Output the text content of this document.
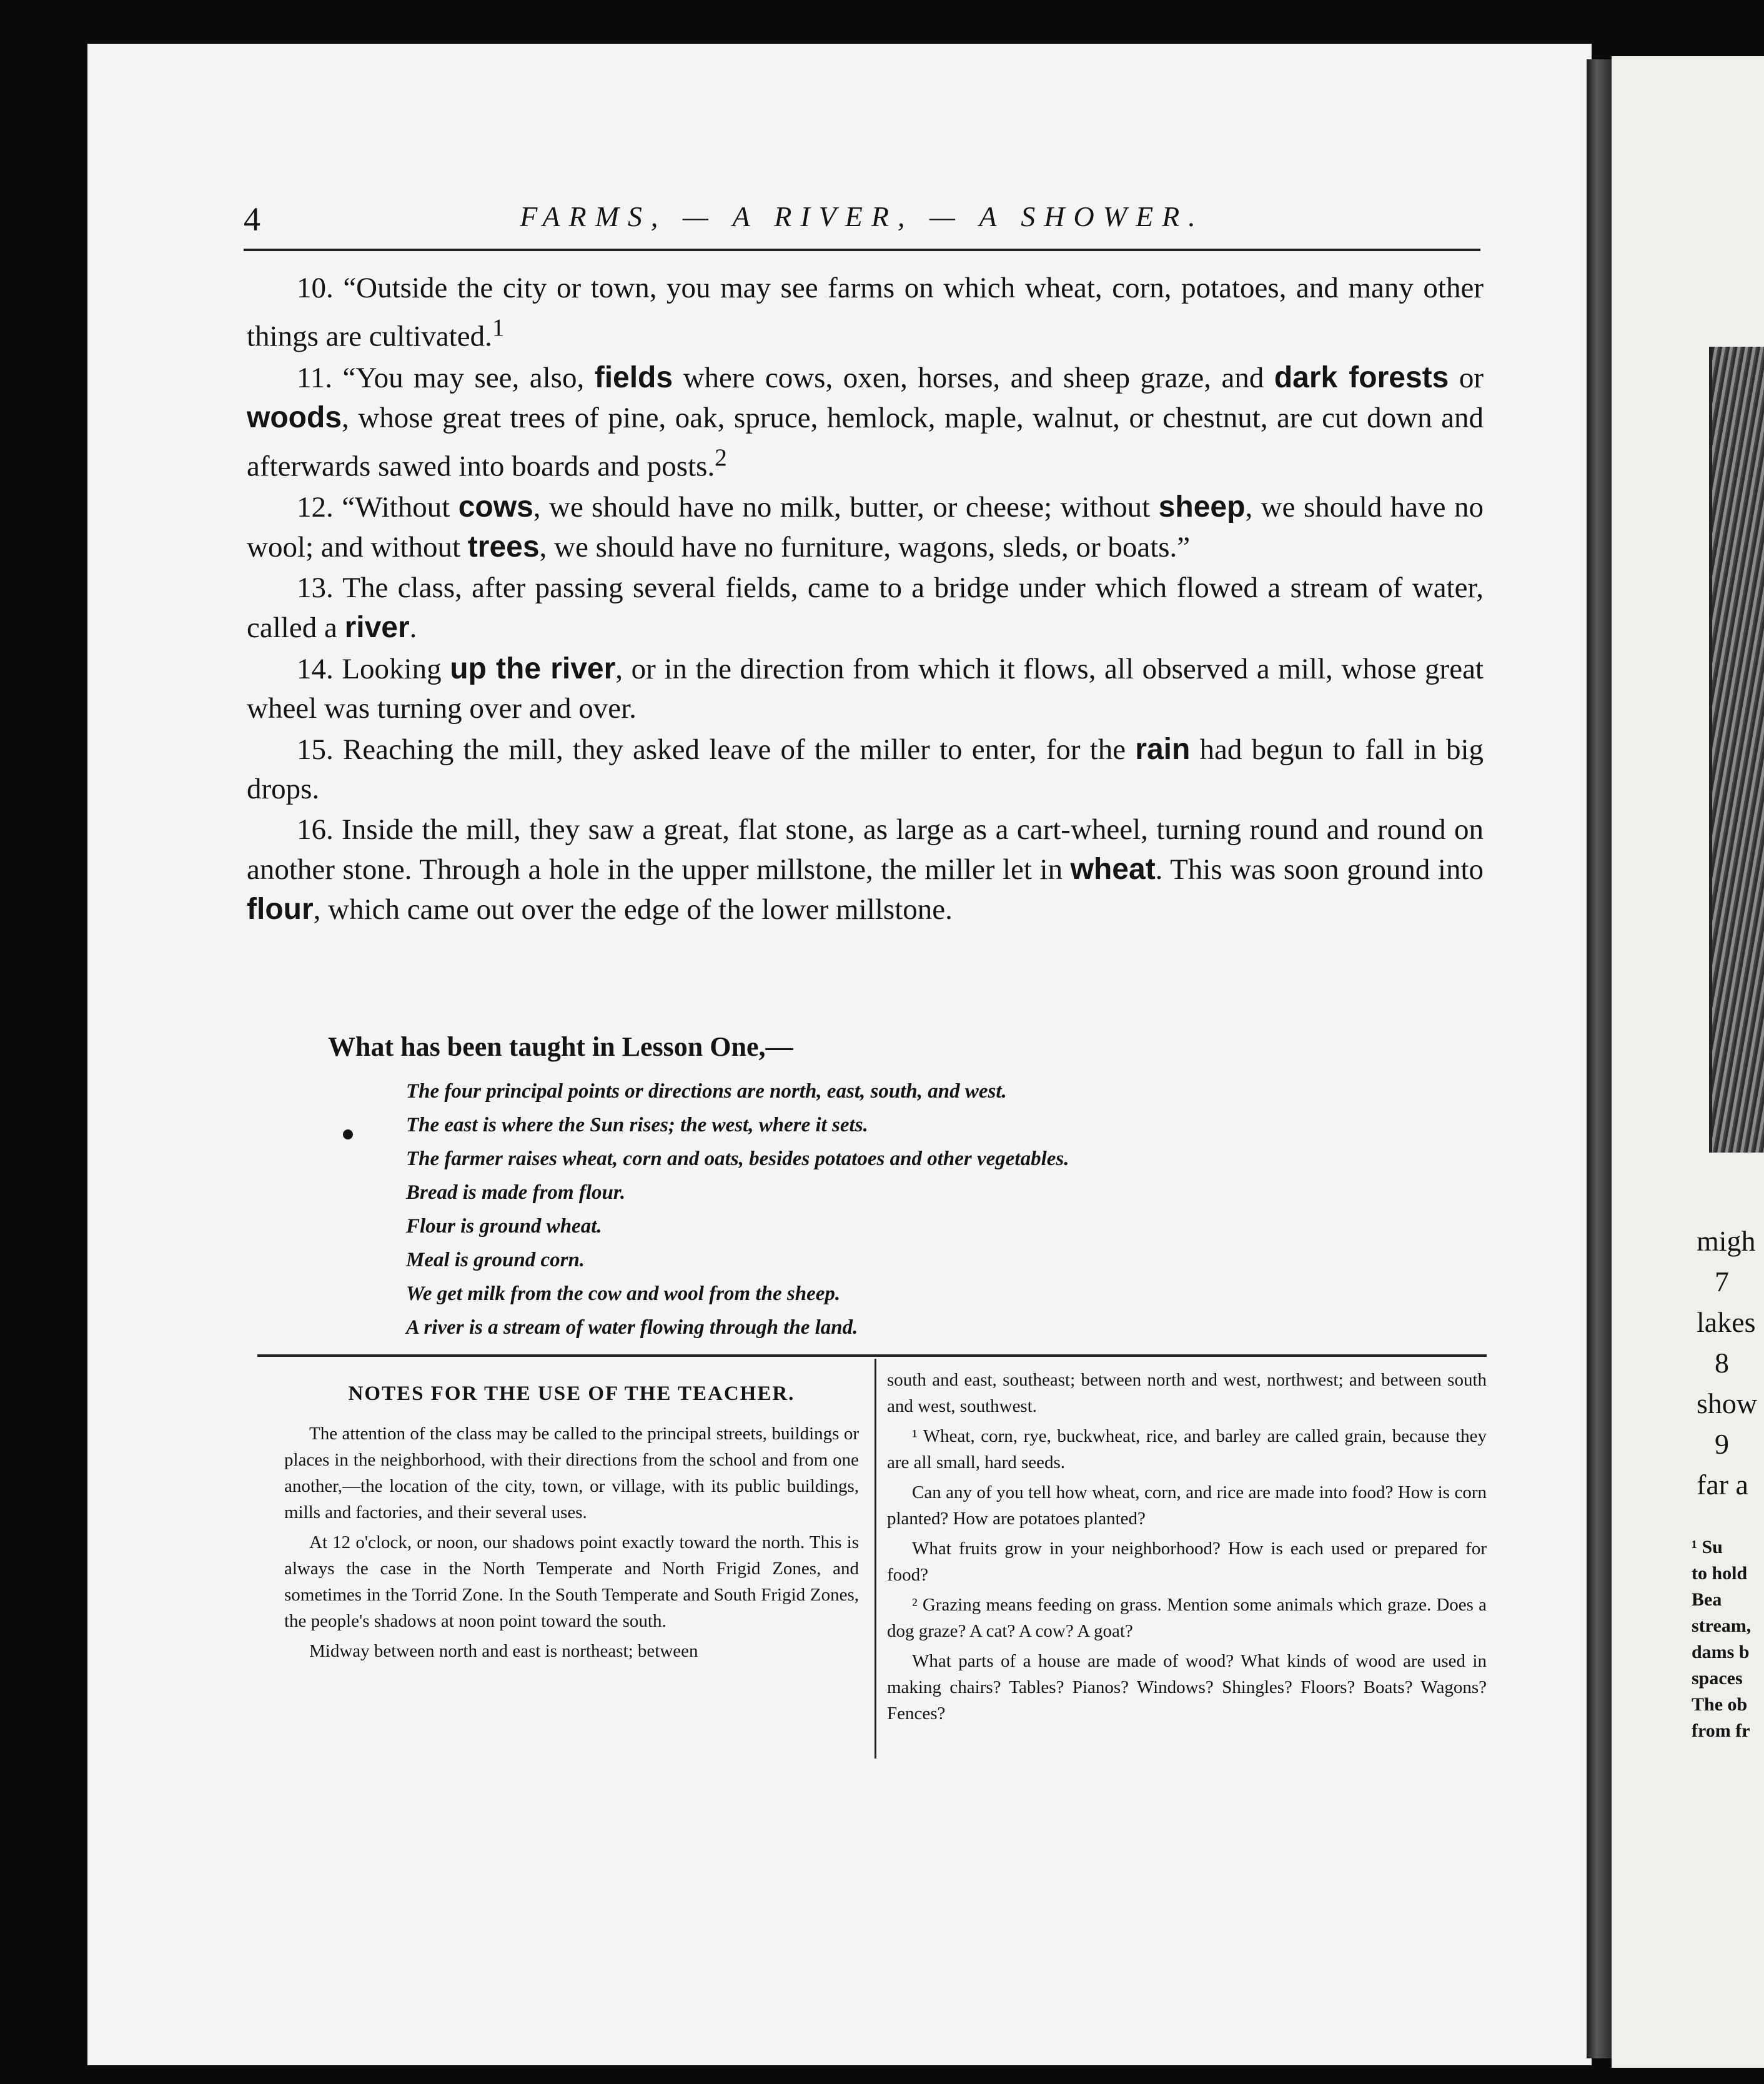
migh
7
lakes
8
show
9
far a
¹ Su
to hold
Bea
stream,
dams b
spaces
The ob
from fr
4	FARMS, — A RIVER, — A SHOWER.

10. “Outside the city or town, you may see farms on which wheat, corn, potatoes, and many other things are cultivated.$^1$

11. “You may see, also, fields where cows, oxen, horses, and sheep graze, and dark forests or woods, whose great trees of pine, oak, spruce, hemlock, maple, walnut, or chestnut, are cut down and afterwards sawed into boards and posts.$^2$

12. “Without cows, we should have no milk, butter, or cheese; without sheep, we should have no wool; and without trees, we should have no furniture, wagons, sleds, or boats.”

13. The class, after passing several fields, came to a bridge under which flowed a stream of water, called a river.

14. Looking up the river, or in the direction from which it flows, all observed a mill, whose great wheel was turning over and over.

15. Reaching the mill, they asked leave of the miller to enter, for the rain had begun to fall in big drops.

16. Inside the mill, they saw a great, flat stone, as large as a cart-wheel, turning round and round on another stone. Through a hole in the upper millstone, the miller let in wheat. This was soon ground into flour, which came out over the edge of the lower millstone.

What has been taught in Lesson One,—
The four principal points or directions are north, east, south, and west.
The east is where the Sun rises; the west, where it sets.
The farmer raises wheat, corn and oats, besides potatoes and other vegetables.
Bread is made from flour.
Flour is ground wheat.
Meal is ground corn.
We get milk from the cow and wool from the sheep.
A river is a stream of water flowing through the land.
NOTES FOR THE USE OF THE TEACHER.

The attention of the class may be called to the principal streets, buildings or places in the neighborhood, with their directions from the school and from one another,—the location of the city, town, or village, with its public buildings, mills and factories, and their several uses.

At 12 o'clock, or noon, our shadows point exactly toward the north. This is always the case in the North Temperate and North Frigid Zones, and sometimes in the Torrid Zone. In the South Temperate and South Frigid Zones, the people's shadows at noon point toward the south.

Midway between north and east is northeast; between

south and east, southeast; between north and west, northwest; and between south and west, southwest.

¹ Wheat, corn, rye, buckwheat, rice, and barley are called grain, because they are all small, hard seeds.

Can any of you tell how wheat, corn, and rice are made into food? How is corn planted? How are potatoes planted?

What fruits grow in your neighborhood? How is each used or prepared for food?

² Grazing means feeding on grass. Mention some animals which graze. Does a dog graze? A cat? A cow? A goat?

What parts of a house are made of wood? What kinds of wood are used in making chairs? Tables? Pianos? Windows? Shingles? Floors? Boats? Wagons? Fences?
